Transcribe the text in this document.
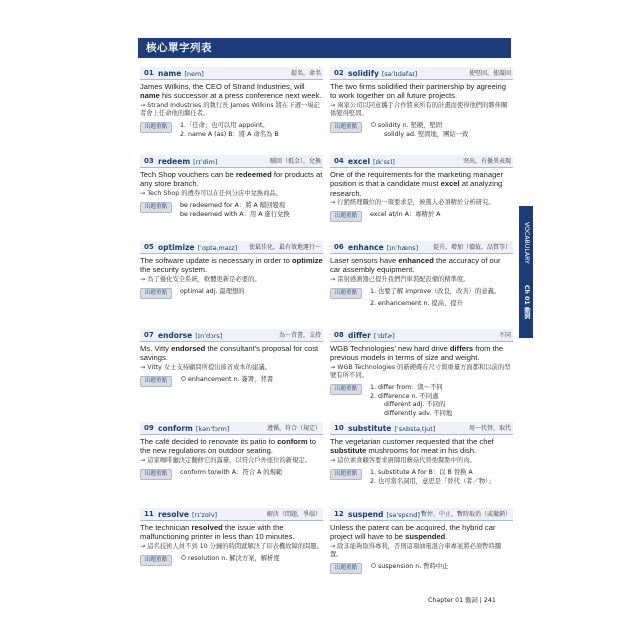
核心單字列表
01 name [nem]	提名，命名
James Wilkins, the CEO of Strand Industries, will name his successor at a press conference next week.
→ Strand Industries 的執行長 James Wilkins 將在下週一場記者會上任命他的繼任者。
出題重點	1.「任命」也可以用 appoint。
2. name A (as) B：將 A 命名為 B
02 solidify [səˈlɪdəfaɪ]	使堅固，使凝固
The two firms solidified their partnership by agreeing to work together on all future projects.
→ 兩家公司以同意攜手合作將來所有的計畫而使得他們的夥伴關係變得堅固。
出題重點	solidity n. 堅硬，堅固
solidly ad. 堅固地，團結一致
03 redeem [rɪˈdim]	贖回（抵金），兌換
Tech Shop vouchers can be redeemed for products at any store branch.
→ Tech Shop 的禮券可以在任何分店中兌換商品。
出題重點	be redeemed for A：將 A 贖回變現
be redeemed with A：用 A 進行兌換
04 excel [ɪkˈsɛl]	突出，有優異表現
One of the requirements for the marketing manager position is that a candidate must excel at analyzing research.
→ 行銷經理職位的一項要求是，候選人必須精於分析研究。
出題重點	excel at/in A：專精於 A
05 optimize [ˈɑptəˌmaɪz] 使最佳化，最有效地運行～
The software update is necessary in order to optimize the security system.
→ 為了優化安全系統，軟體更新是必要的。
出題重點	optimal adj. 最理想的
06 enhance [ɪnˈhæns] 提升，增加（價值，品質等）
Laser sensors have enhanced the accuracy of our car assembly equipment.
→ 雷射感測器已提升我們汽車裝配設備的精準度。
出題重點	1. 也要了解 improve（改良，改善）的意義。
2. enhancement n. 提高，提升
07 endorse [ɪnˈdɔrs]	為～背書，支持
Ms. Vitty endorsed the consultant's proposal for cost savings.
→ Vitty 女士支持顧問所提出節省成本的建議。
出題重點	enhancement n. 簽署，背書
08 differ [ˈdɪfɚ]	不同
WGB Technologies' new hard drive differs from the previous models in terms of size and weight.
→ WGB Technologies 的新硬碟在尺寸與重量方面都和以前的型號有所不同。
出題重點	1. differ from：與～不同
2. difference n. 不同處
different adj. 不同的
differently adv. 不同地
09 conform [kənˈfɔrm]	遵循，符合（規定）
The café decided to renovate its patio to conform to the new regulations on outdoor seating.
→ 這家咖啡廳決定翻修它的露臺，以符合戶外座位的新規定。
出題重點	conform to/with A：符合 A 的規範
10 substitute [ˈsʌbstəˌtjut]	用～代替，取代
The vegetarian customer requested that the chef substitute mushrooms for meat in his dish.
→ 這位素食顧客要求廚師用蘑菇代替他餐點中的肉。
出題重點	1. substitute A for B：以 B 替換 A
2. 也可當名詞用，意思是「替代（者／物）」
11 resolve [rɪˈzɑlv]	解決（問題，爭端）
The technician resolved the issue with the malfunctioning printer in less than 10 minutes.
→ 這名技術人員不到 10 分鐘的時間就解決了印表機故障的問題。
出題重點	resolution n. 解決方案，解析度
12 suspend [səˈspɛnd] 暫停，中止，暫時取消（或撤銷）
Unless the patent can be acquired, the hybrid car project will have to be suspended.
→ 除非能夠取得專利，否則這項油電混合車專案將必須暫時擱置。
出題重點	suspension n. 暫時中止
VOCABULARY
Ch 01 動詞
Chapter 01 動詞 | 241
